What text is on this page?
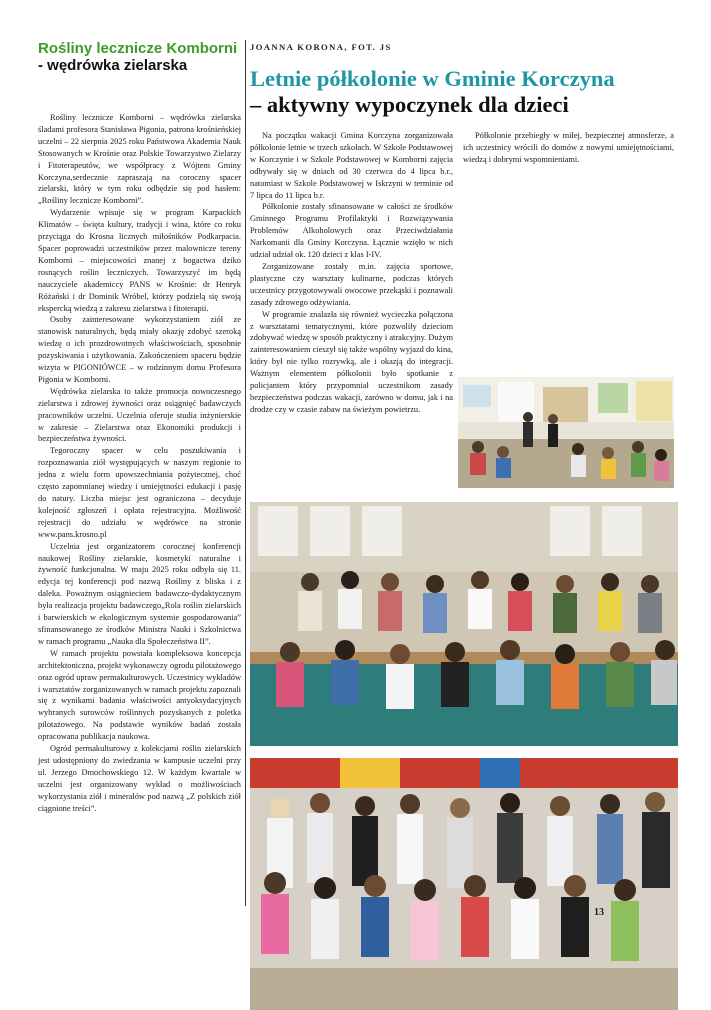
Rośliny lecznicze Komborni
- wędrówka zielarska

Rośliny lecznicze Komborni – wędrówka zielarska śladami profesora Stanisława Pigonia, patrona krośnieńskiej uczelni – 22 sierpnia 2025 roku Państwowa Akademia Nauk Stosowanych w Krośnie oraz Polskie Towarzystwo Zielarzy i Fitoterapeutów, we współpracy z Wójtem Gminy Korczyna,serdecznie zapraszają na coroczny spacer zielarski, który w tym roku odbędzie się pod hasłem: „Rośliny lecznicze Komborni”.

Wydarzenie wpisuje się w program Karpackich Klimatów – święta kultury, tradycji i wina, które co roku przyciąga do Krosna licznych miłośników Podkarpacia. Spacer poprowadzi uczestników przez malownicze tereny Komborni – miejscowości znanej z bogactwa dziko rosnących roślin leczniczych. Towarzyszyć im będą nauczyciele akademiccy PANS w Krośnie: dr Henryk Różański i dr Dominik Wróbel, którzy podzielą się swoją ekspercką wiedzą z zakresu zielarstwa i fitoterapii.

Osoby zainteresowane wykorzystaniem ziół ze stanowisk naturalnych, będą miały okazję zdobyć szeroką wiedzę o ich prozdrowotnych właściwościach, sposobnie pozyskiwania i użytkowania. Zakończeniem spaceru będzie wizyta w PIGONIÓWCE – w rodzinnym domu Profesora Pigonia w Komborni.

Wędrówka zielarska to także promocja nowoczesnego zielarstwa i zdrowej żywności oraz osiągnięć badawczych pracowników uczelni. Uczelnia oferuje studia inżynierskie w zakresie – Zielarstwa oraz Ekonomiki produkcji i bezpieczeństwa żywności.

Tegoroczny spacer w celu poszukiwania i rozpoznawania ziół występujących w naszym regionie to jedna z wielu form upowszechniania pożytecznej, choć często zapomnianej wiedzy i umiejętności edukacji i pasję do natury. Liczba miejsc jest ograniczona – decyduje kolejność zgłoszeń i opłata rejestracyjna. Możliwość rejestracji do udziału w wędrówce na stronie www.pans.krosno.pl

Uczelnia jest organizatorem corocznej konferencji naukowej Rośliny zielarskie, kosmetyki naturalne i żywność funkcjonalna. W maju 2025 roku odbyła się 11. edycja tej konferencji pod nazwą Rośliny z bliska i z daleka. Poważnym osiągnieciem badawczo-dydaktycznym była realizacja projektu badawczego„Rola roślin zielarskich i barwierskich w ekologicznym systemie gospodarowania” sfinansowanego ze środków Ministra Nauki i Szkolnictwa w ramach programu „Nauka dla Społeczeństwa II”.

W ramach projektu powstała kompleksowa koncepcja architektoniczna, projekt wykonawczy ogrodu pilotażowego oraz ogród upraw permakulturowych. Uczestnicy wykładów i warsztatów zorganizowanych w ramach projektu zapoznali się z wynikami badania właściwości antyoksydacyjnych wybranych surowców roślinnych pozyskanych z poletka pilotażowego. Na podstawie wyników badań została opracowana publikacja naukowa.

Ogród permakulturowy z kolekcjami roślin zielarskich jest udostępniony do zwiedzania w kampusie uczelni przy ul. Jerzego Dmochowskiego 12. W każdym kwartale w uczelni jest organizowany wykład o możliwościach wykorzystania ziół i minerałów pod nazwą „Z polskich ziół ciągnione treści”.

JOANNA KORONA, FOT. JS
Letnie półkolonie w Gminie Korczyna
– aktywny wypoczynek dla dzieci

Na początku wakacji Gmina Korczyna zorganizowała półkolonie letnie w trzech szkołach. W Szkole Podstawowej w Korczynie i w Szkole Podstawowej w Komborni zajęcia odbywały się w dniach od 30 czerwca do 4 lipca b.r., natomiast w Szkole Podstawowej w Iskrzyni w terminie od 7 lipca do 11 lipca b.r.

Półkolonie zostały sfinansowane w całości ze środków Gminnego Programu Profilaktyki i Rozwiązywania Problemów Alkoholowych oraz Przeciwdziałania Narkomanii dla Gminy Korczyna. Łącznie wzięło w nich udział udział ok. 120 dzieci z klas I-IV.

Zorganizowane zostały m.in. zajęcia sportowe, plastyczne czy warsztaty kulinarne, podczas których uczestnicy przygotowywali owocowe przekąski i poznawali zasady zdrowego odżywiania.

W programie znalazła się również wycieczka połączona z warsztatami tematycznymi, które pozwoliły dzieciom zdobywać wiedzę w sposób praktyczny i atrakcyjny. Dużym zainteresowaniem cieszył się także wspólny wyjazd do kina, który był nie tylko rozrywką, ale i okazją do integracji. Ważnym elementem półkolonii było spotkanie z policjantem który przypomniał uczestnikom zasady bezpieczeństwa podczas wakacji, zarówno w domu, jak i na drodze czy w czasie zabaw na świeżym powietrzu.

Półkolonie przebiegły w miłej, bezpiecznej atmosferze, a ich uczestnicy wrócili do domów z nowymi umiejętnościami, wiedzą i dobrymi wspomnieniami.

13
